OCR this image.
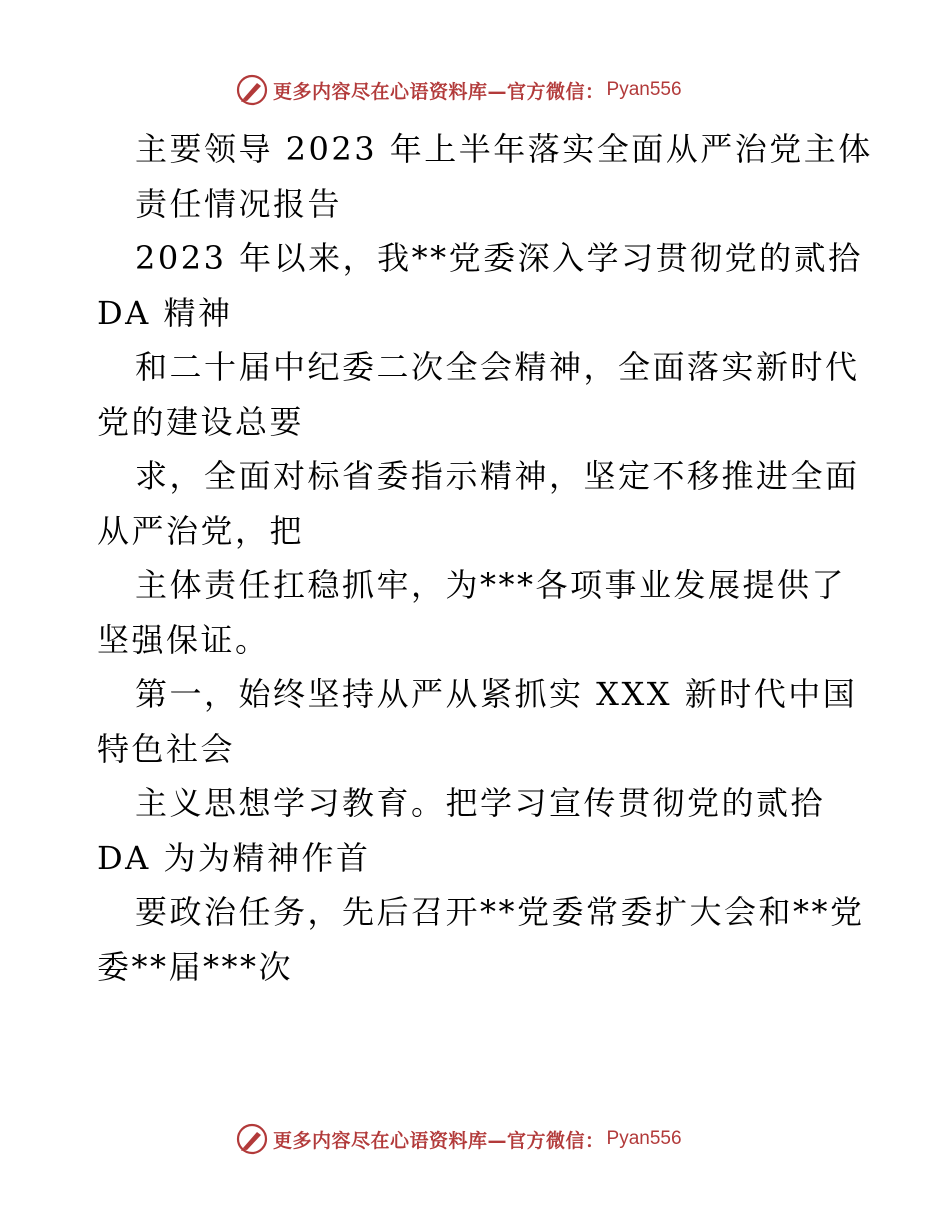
更多内容尽在心语资料库—官方微信： Pyan556
主要领导 2023 年上半年落实全面从严治党主体
责任情况报告
2023 年以来，我**党委深入学习贯彻党的贰拾
DA 精神
和二十届中纪委二次全会精神，全面落实新时代
党的建设总要
求，全面对标省委指示精神，坚定不移推进全面
从严治党，把
主体责任扛稳抓牢，为***各项事业发展提供了
坚强保证。
第一，始终坚持从严从紧抓实 XXX 新时代中国
特色社会
主义思想学习教育。把学习宣传贯彻党的贰拾
DA 为为精神作首
要政治任务，先后召开**党委常委扩大会和**党
委**届***次
更多内容尽在心语资料库—官方微信： Pyan556
